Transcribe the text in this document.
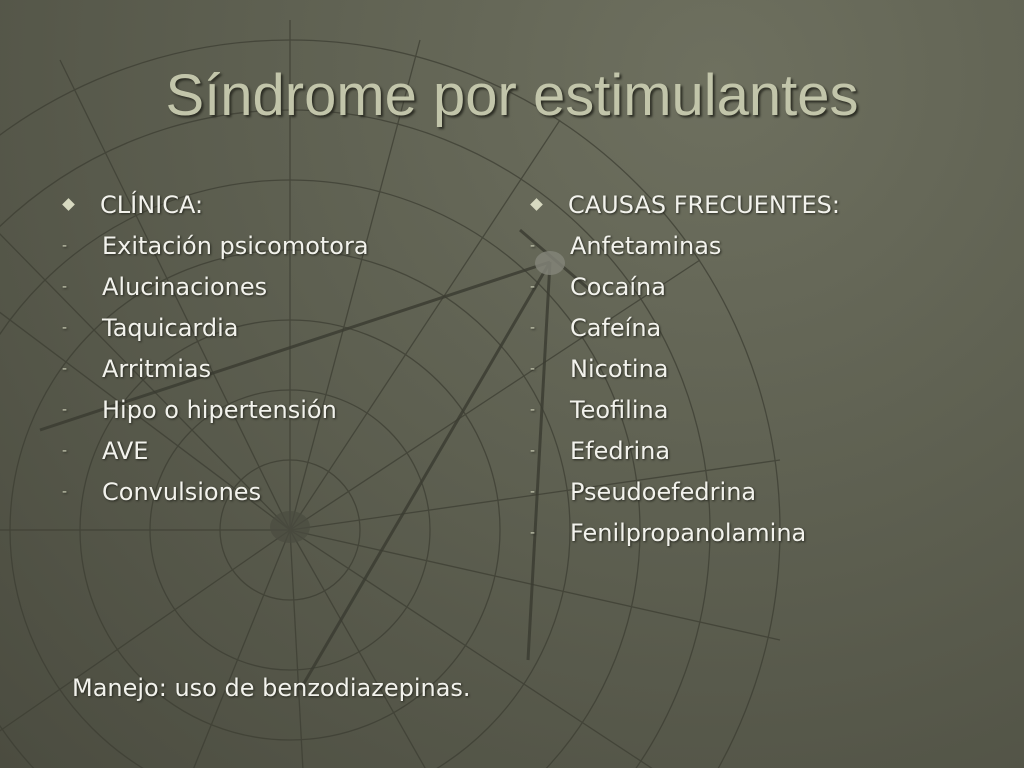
Síndrome por estimulantes
CLÍNICA:
-	Exitación psicomotora
-	Alucinaciones
-	Taquicardia
-	Arritmias
-	Hipo o hipertensión
-	AVE
-	Convulsiones
CAUSAS FRECUENTES:
-	Anfetaminas
-	Cocaína
-	Cafeína
-	Nicotina
-	Teofilina
-	Efedrina
-	Pseudoefedrina
-	Fenilpropanolamina
Manejo: uso de benzodiazepinas.
